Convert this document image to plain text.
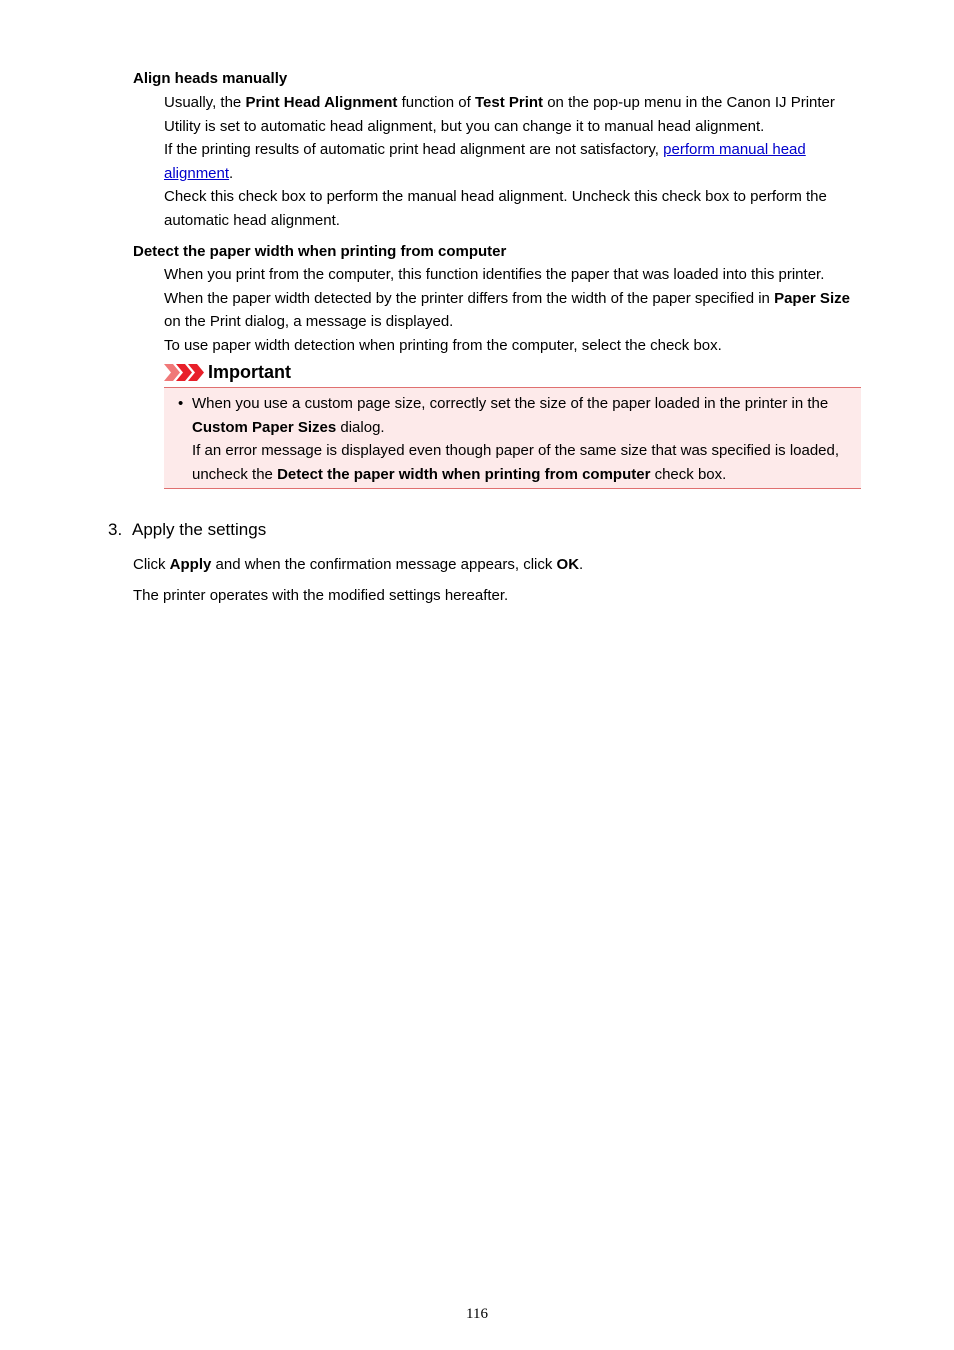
Align heads manually

Usually, the Print Head Alignment function of Test Print on the pop-up menu in the Canon IJ Printer Utility is set to automatic head alignment, but you can change it to manual head alignment.

If the printing results of automatic print head alignment are not satisfactory, perform manual head alignment.

Check this check box to perform the manual head alignment. Uncheck this check box to perform the automatic head alignment.

Detect the paper width when printing from computer

When you print from the computer, this function identifies the paper that was loaded into this printer.

When the paper width detected by the printer differs from the width of the paper specified in Paper Size on the Print dialog, a message is displayed.

To use paper width detection when printing from the computer, select the check box.

Important
• When you use a custom page size, correctly set the size of the paper loaded in the printer in the Custom Paper Sizes dialog.

If an error message is displayed even though paper of the same size that was specified is loaded, uncheck the Detect the paper width when printing from computer check box.

3. Apply the settings

Click Apply and when the confirmation message appears, click OK.

The printer operates with the modified settings hereafter.

116
